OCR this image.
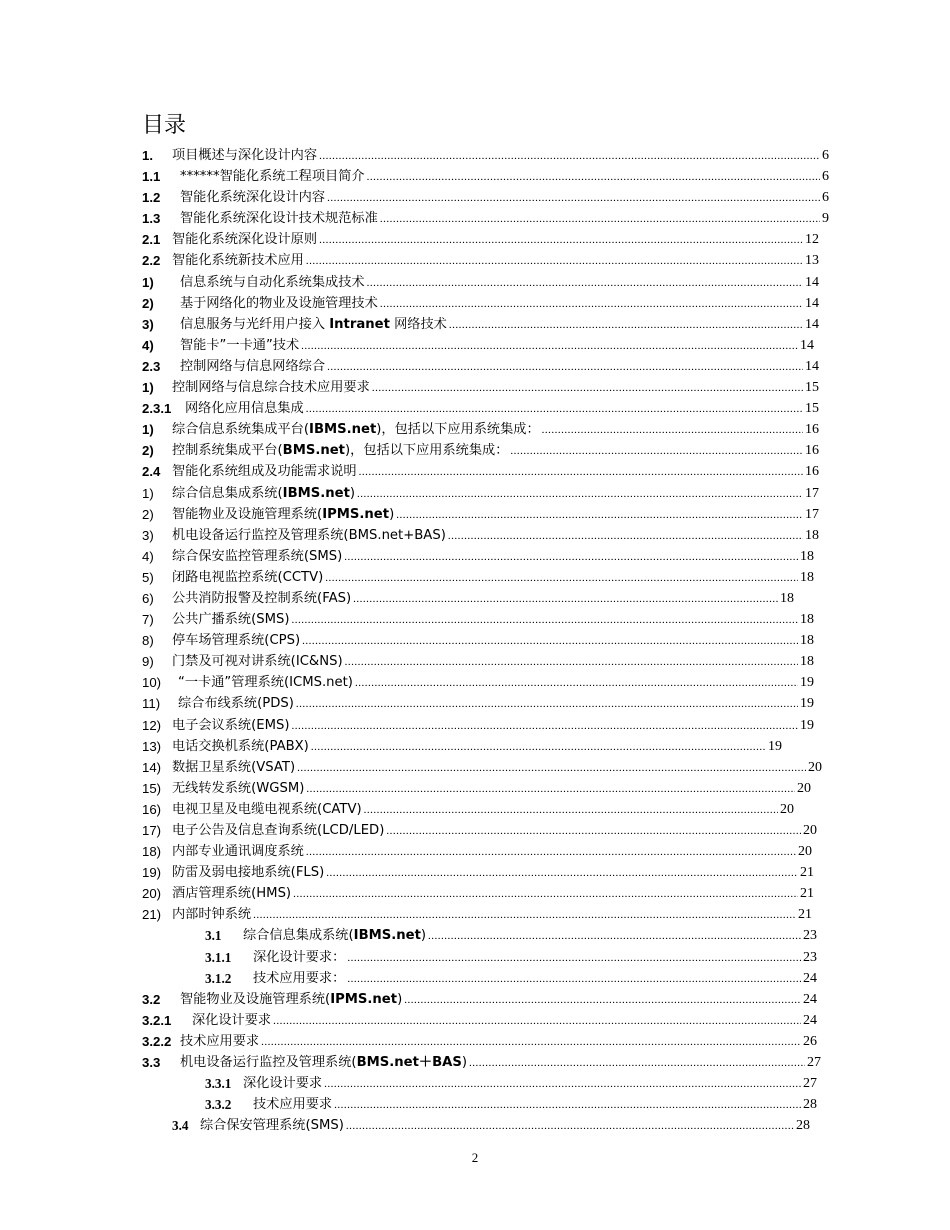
目录
1. 项目概述与深化设计内容 .....	6
1.1 ******智能化系统工程项目简介 .....	6
1.2 智能化系统深化设计内容 .....	6
1.3 智能化系统深化设计技术规范标准 .....	9
2.1 智能化系统深化设计原则 .....	12
2.2 智能化系统新技术应用 .....	13
1) 信息系统与自动化系统集成技术 .....	14
2) 基于网络化的物业及设施管理技术 .....	14
3) 信息服务与光纤用户接入 Intranet 网络技术 .....	14
4) 智能卡”一卡通”技术 .....	14
2.3 控制网络与信息网络综合 .....	14
1) 控制网络与信息综合技术应用要求 .....	15
2.3.1 网络化应用信息集成 .....	15
1) 综合信息系统集成平台(IBMS.net)，包括以下应用系统集成： .....	16
2) 控制系统集成平台(BMS.net)，包括以下应用系统集成： .....	16
2.4 智能化系统组成及功能需求说明 .....	16
1) 综合信息集成系统(IBMS.net) .....	17
2) 智能物业及设施管理系统(IPMS.net) .....	17
3) 机电设备运行监控及管理系统(BMS.net+BAS) .....	18
4) 综合保安监控管理系统(SMS) .....	18
5) 闭路电视监控系统(CCTV) .....	18
6) 公共消防报警及控制系统(FAS) .....	18
7) 公共广播系统(SMS) .....	18
8) 停车场管理系统(CPS) .....	18
9) 门禁及可视对讲系统(IC&NS) .....	18
10) “一卡通”管理系统(ICMS.net) .....	19
11) 综合布线系统(PDS) .....	19
12) 电子会议系统(EMS) .....	19
13) 电话交换机系统(PABX) .....	19
14) 数据卫星系统(VSAT) .....	20
15) 无线转发系统(WGSM) .....	20
16) 电视卫星及电缆电视系统(CATV) .....	20
17) 电子公告及信息查询系统(LCD/LED) .....	20
18) 内部专业通讯调度系统 .....	20
19) 防雷及弱电接地系统(FLS) .....	21
20) 酒店管理系统(HMS) .....	21
21) 内部时钟系统 .....	21
3.1 综合信息集成系统(IBMS.net) .....	23
3.1.1 深化设计要求： .....	23
3.1.2 技术应用要求： .....	24
3.2 智能物业及设施管理系统(IPMS.net) .....	24
3.2.1 深化设计要求 .....	24
3.2.2 技术应用要求 .....	26
3.3 机电设备运行监控及管理系统(BMS.net＋BAS) .....	27
3.3.1 深化设计要求 .....	27
3.3.2 技术应用要求 .....	28
3.4 综合保安管理系统(SMS) .....	28
2
